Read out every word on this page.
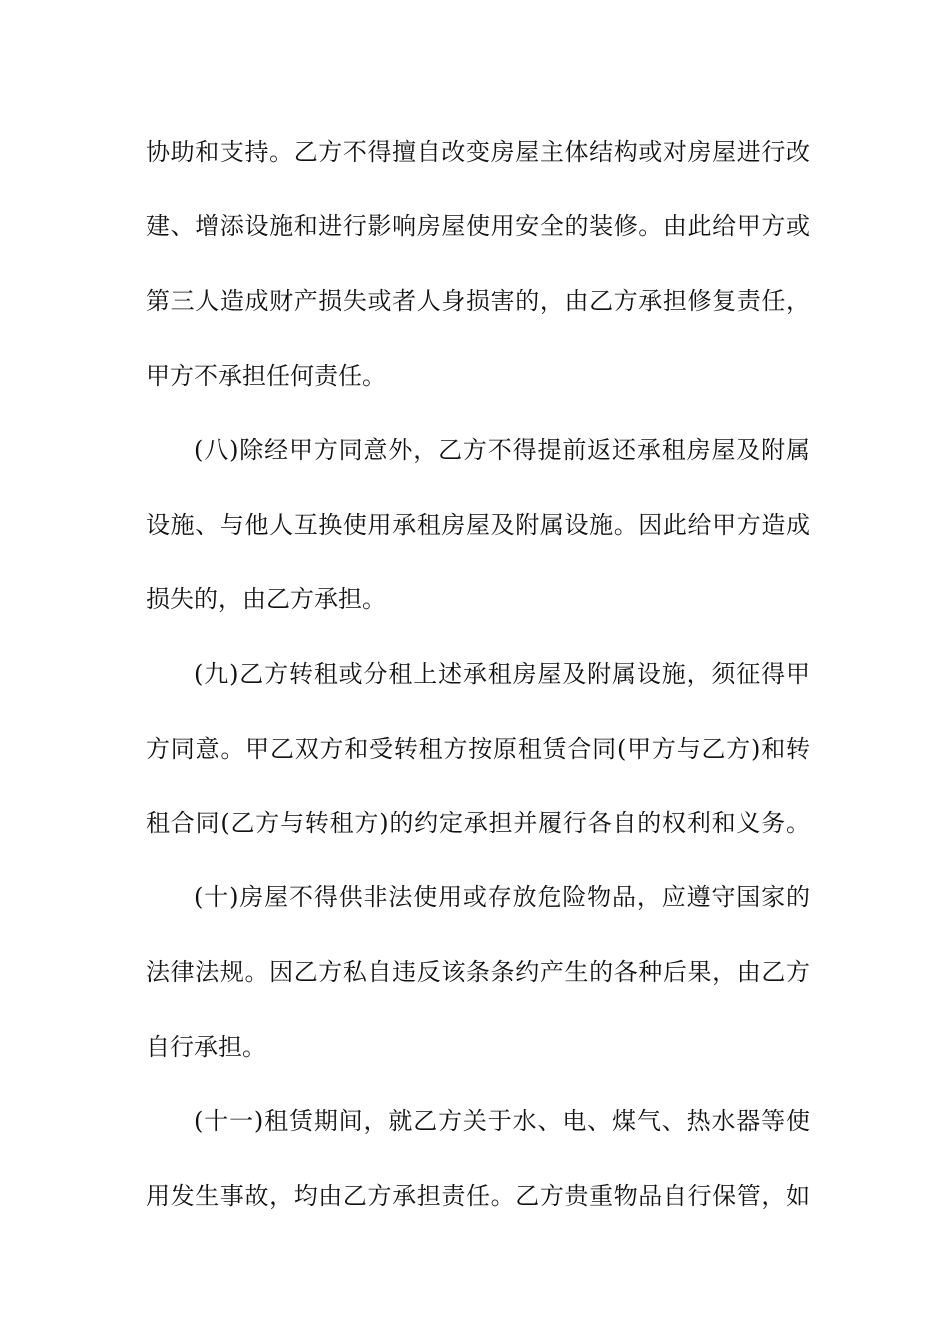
协助和支持。乙方不得擅自改变房屋主体结构或对房屋进行改
建、增添设施和进行影响房屋使用安全的装修。由此给甲方或
第三人造成财产损失或者人身损害的，由乙方承担修复责任，
甲方不承担任何责任。
(八)除经甲方同意外，乙方不得提前返还承租房屋及附属
设施、与他人互换使用承租房屋及附属设施。因此给甲方造成
损失的，由乙方承担。
(九)乙方转租或分租上述承租房屋及附属设施，须征得甲
方同意。甲乙双方和受转租方按原租赁合同(甲方与乙方)和转
租合同(乙方与转租方)的约定承担并履行各自的权利和义务。
(十)房屋不得供非法使用或存放危险物品，应遵守国家的
法律法规。因乙方私自违反该条条约产生的各种后果，由乙方
自行承担。
(十一)租赁期间，就乙方关于水、电、煤气、热水器等使
用发生事故，均由乙方承担责任。乙方贵重物品自行保管，如
